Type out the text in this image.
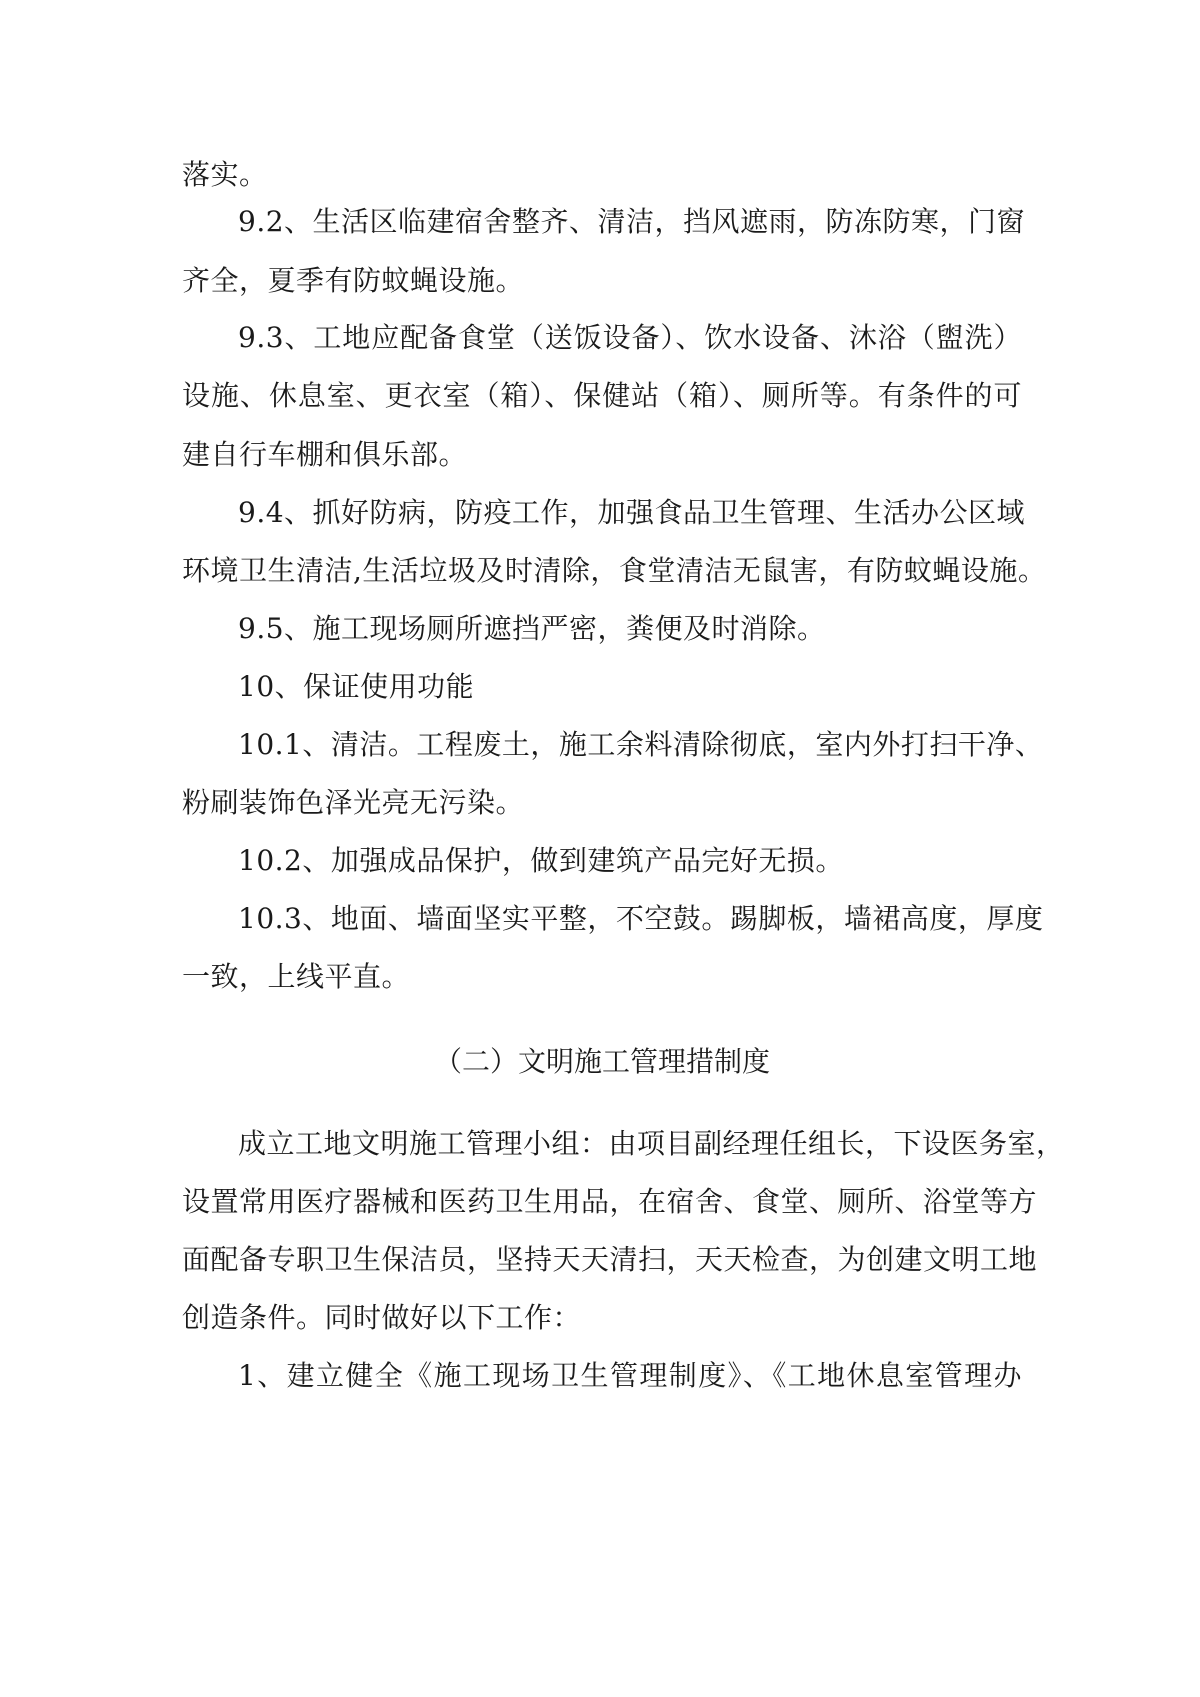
落实。
9.2、生活区临建宿舍整齐、清洁，挡风遮雨，防冻防寒，门窗
齐全，夏季有防蚊蝇设施。
9.3、工地应配备食堂（送饭设备）、饮水设备、沐浴（盥洗）
设施、休息室、更衣室（箱）、保健站（箱）、厕所等。有条件的可
建自行车棚和俱乐部。
9.4、抓好防病，防疫工作，加强食品卫生管理、生活办公区域
环境卫生清洁,生活垃圾及时清除，食堂清洁无鼠害，有防蚊蝇设施。
9.5、施工现场厕所遮挡严密，粪便及时消除。
10、保证使用功能
10.1、清洁。工程废土，施工余料清除彻底，室内外打扫干净、
粉刷装饰色泽光亮无污染。
10.2、加强成品保护，做到建筑产品完好无损。
10.3、地面、墙面坚实平整，不空鼓。踢脚板，墙裙高度，厚度
一致，上线平直。
（二）文明施工管理措制度
成立工地文明施工管理小组：由项目副经理任组长，下设医务室，
设置常用医疗器械和医药卫生用品，在宿舍、食堂、厕所、浴堂等方
面配备专职卫生保洁员，坚持天天清扫，天天检查，为创建文明工地
创造条件。同时做好以下工作：
1、建立健全《施工现场卫生管理制度》、《工地休息室管理办
